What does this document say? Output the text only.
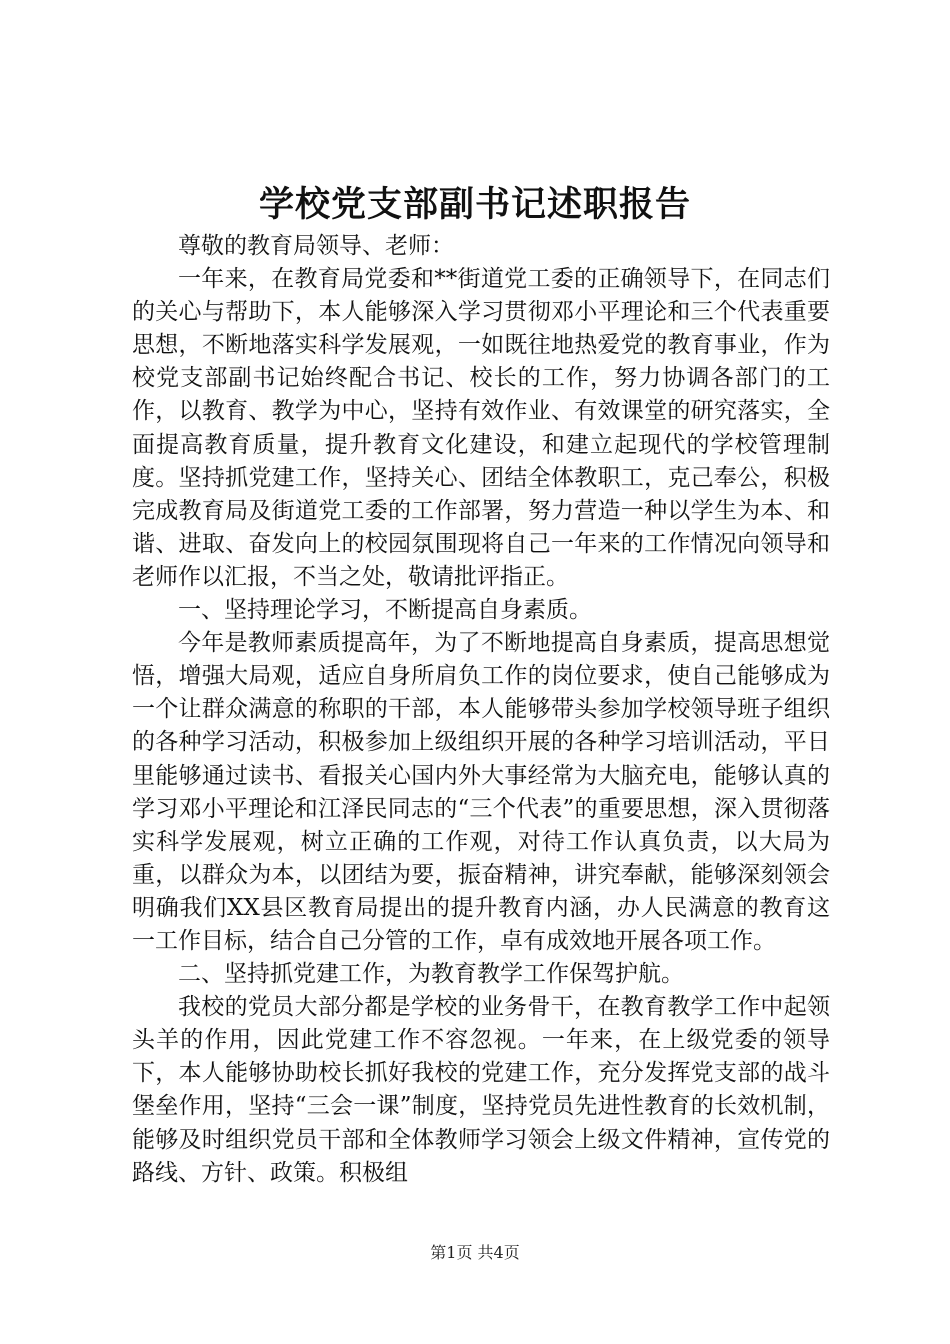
学校党支部副书记述职报告

尊敬的教育局领导、老师：

一年来，在教育局党委和**街道党工委的正确领导下，在同志们的关心与帮助下，本人能够深入学习贯彻邓小平理论和三个代表重要思想，不断地落实科学发展观，一如既往地热爱党的教育事业，作为校党支部副书记始终配合书记、校长的工作，努力协调各部门的工作，以教育、教学为中心，坚持有效作业、有效课堂的研究落实，全面提高教育质量，提升教育文化建设，和建立起现代的学校管理制度。坚持抓党建工作，坚持关心、团结全体教职工，克己奉公，积极完成教育局及街道党工委的工作部署，努力营造一种以学生为本、和谐、进取、奋发向上的校园氛围现将自己一年来的工作情况向领导和老师作以汇报，不当之处，敬请批评指正。

一、坚持理论学习，不断提高自身素质。

今年是教师素质提高年，为了不断地提高自身素质，提高思想觉悟，增强大局观，适应自身所肩负工作的岗位要求，使自己能够成为一个让群众满意的称职的干部，本人能够带头参加学校领导班子组织的各种学习活动，积极参加上级组织开展的各种学习培训活动，平日里能够通过读书、看报关心国内外大事经常为大脑充电，能够认真的学习邓小平理论和江泽民同志的“三个代表”的重要思想，深入贯彻落实科学发展观，树立正确的工作观，对待工作认真负责，以大局为重，以群众为本，以团结为要，振奋精神，讲究奉献，能够深刻领会明确我们XX县区教育局提出的提升教育内涵，办人民满意的教育这一工作目标，结合自己分管的工作，卓有成效地开展各项工作。

二、坚持抓党建工作，为教育教学工作保驾护航。

我校的党员大部分都是学校的业务骨干，在教育教学工作中起领头羊的作用，因此党建工作不容忽视。一年来，在上级党委的领导下，本人能够协助校长抓好我校的党建工作，充分发挥党支部的战斗堡垒作用，坚持“三会一课”制度，坚持党员先进性教育的长效机制，能够及时组织党员干部和全体教师学习领会上级文件精神，宣传党的路线、方针、政策。积极组

第1页 共4页
